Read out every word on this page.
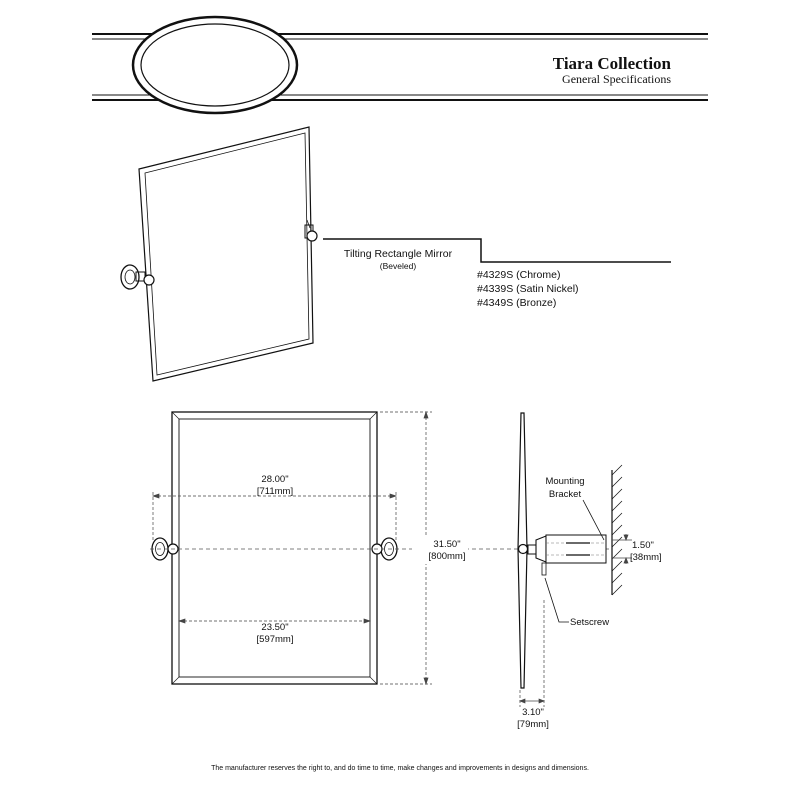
Tiara Collection
General Specifications
Tilting Rectangle Mirror
(Beveled)
#4329S (Chrome)
#4339S (Satin Nickel)
#4349S (Bronze)
28.00"
[711mm]
23.50"
[597mm]
31.50"
[800mm]
Mounting
Bracket
Setscrew
1.50"
[38mm]
3.10"
[79mm]
The manufacturer reserves the right to, and do time to time, make changes and improvements in designs and dimensions.
